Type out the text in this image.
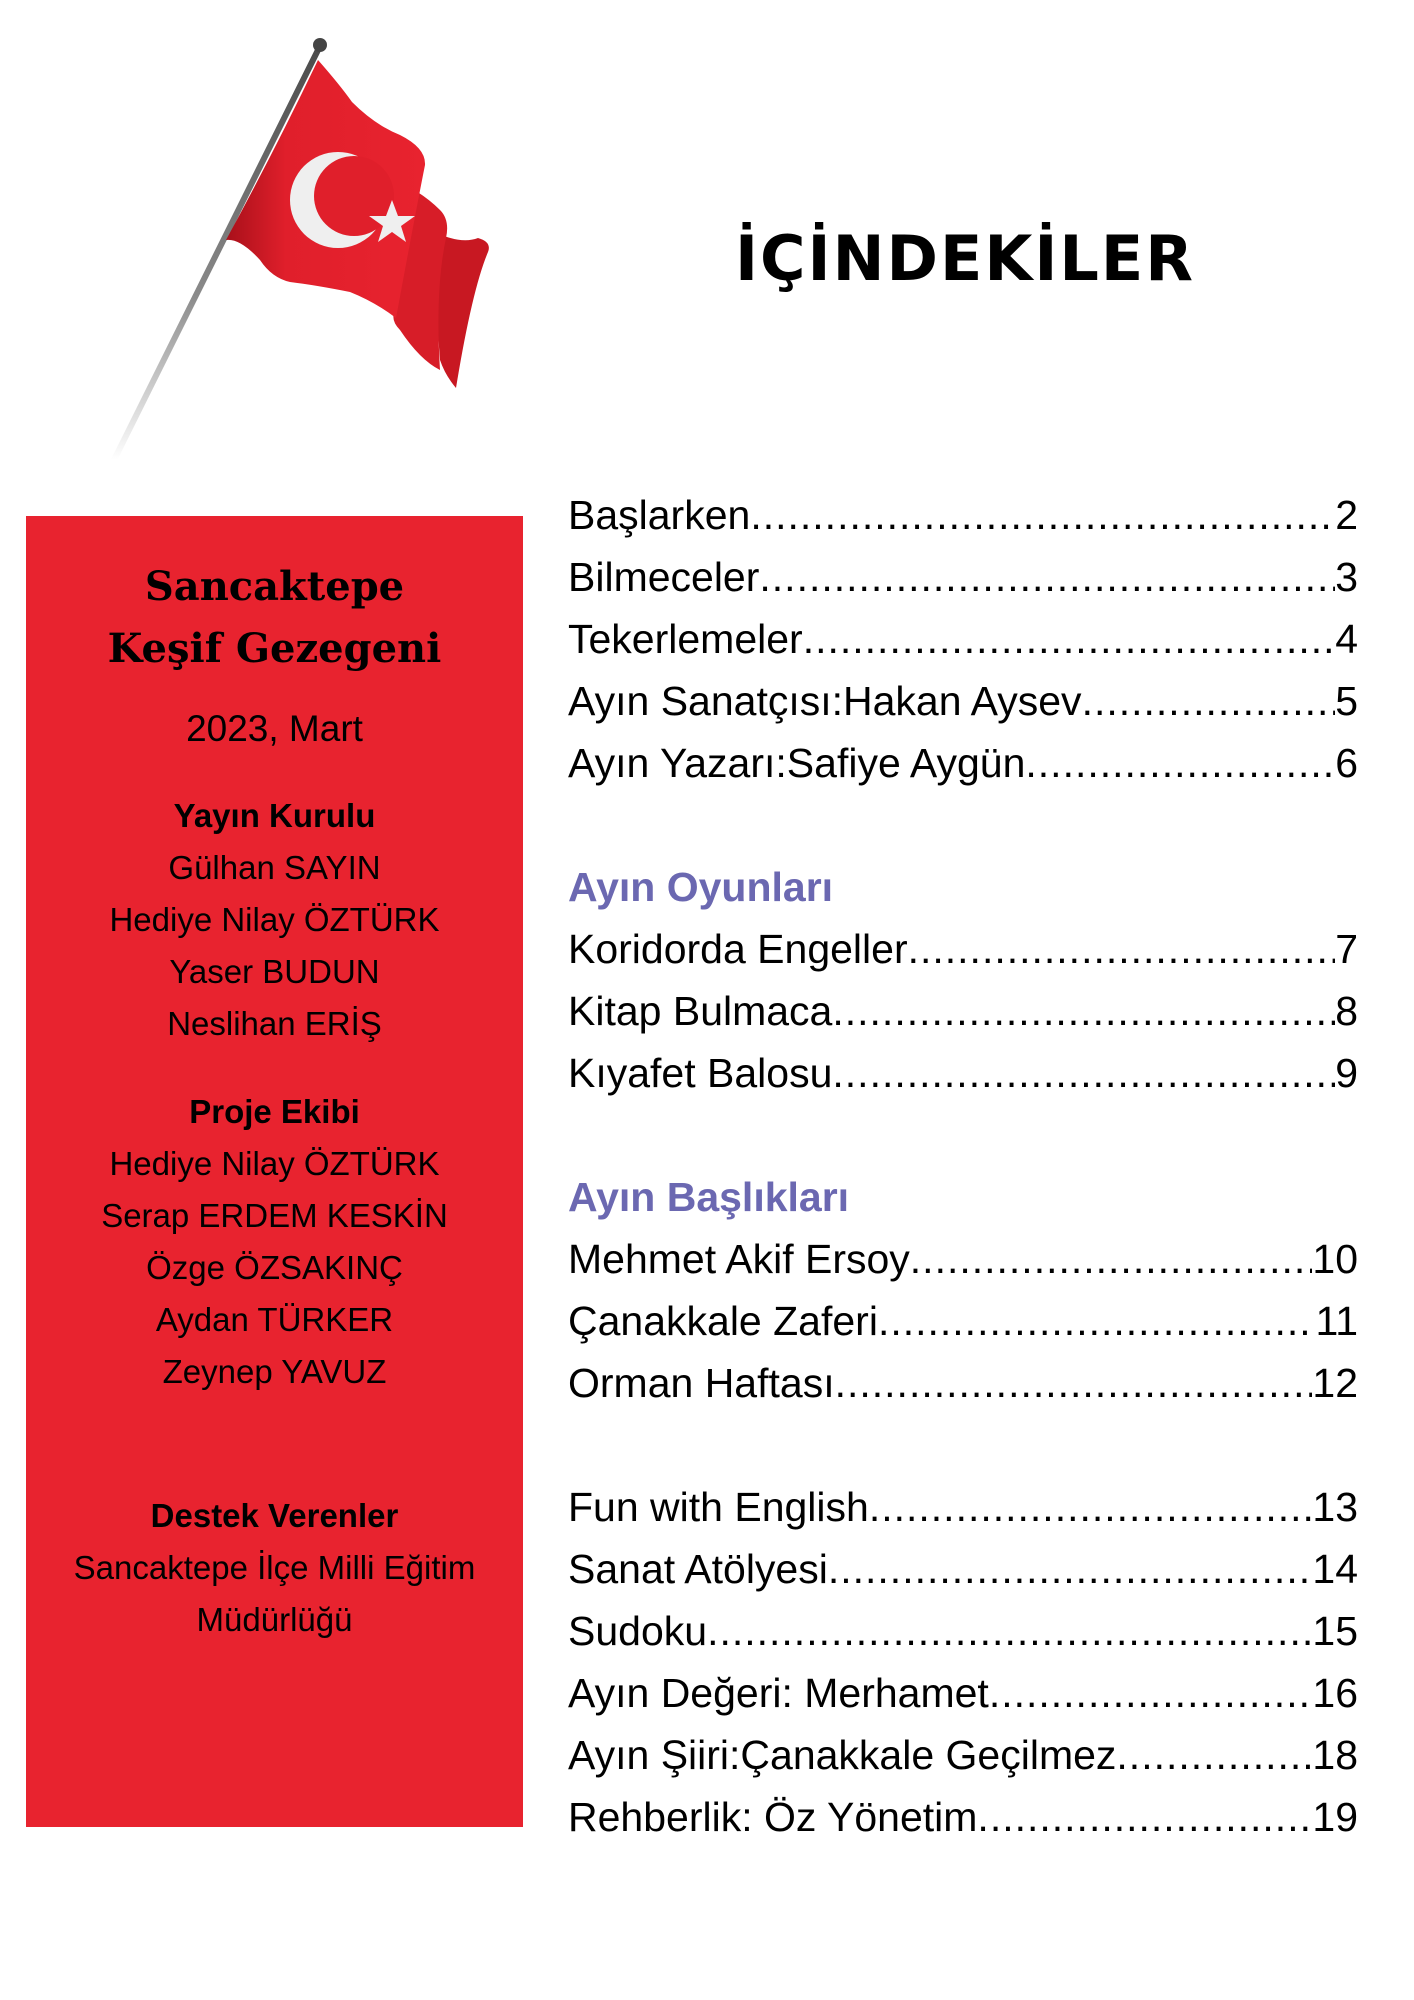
İÇİNDEKİLER
Sancaktepe
Keşif Gezegeni
2023, Mart
Yayın Kurulu
Gülhan SAYIN
Hediye Nilay ÖZTÜRK
Yaser BUDUN
Neslihan ERİŞ
Proje Ekibi
Hediye Nilay ÖZTÜRK
Serap ERDEM KESKİN
Özge ÖZSAKINÇ
Aydan TÜRKER
Zeynep YAVUZ
Destek Verenler
Sancaktepe İlçe Milli Eğitim
Müdürlüğü
Başlarken .....	2
Bilmeceler .....	3
Tekerlemeler .....	4
Ayın Sanatçısı:Hakan Aysev .....	5
Ayın Yazarı:Safiye Aygün .....	6
Ayın Oyunları
Koridorda Engeller .....	7
Kitap Bulmaca .....	8
Kıyafet Balosu .....	9
Ayın Başlıkları
Mehmet Akif Ersoy .....	10
Çanakkale Zaferi .....	11
Orman Haftası .....	12
Fun with English .....	13
Sanat Atölyesi .....	14
Sudoku .....	15
Ayın Değeri: Merhamet .....	16
Ayın Şiiri:Çanakkale Geçilmez .....	18
Rehberlik: Öz Yönetim .....	19
